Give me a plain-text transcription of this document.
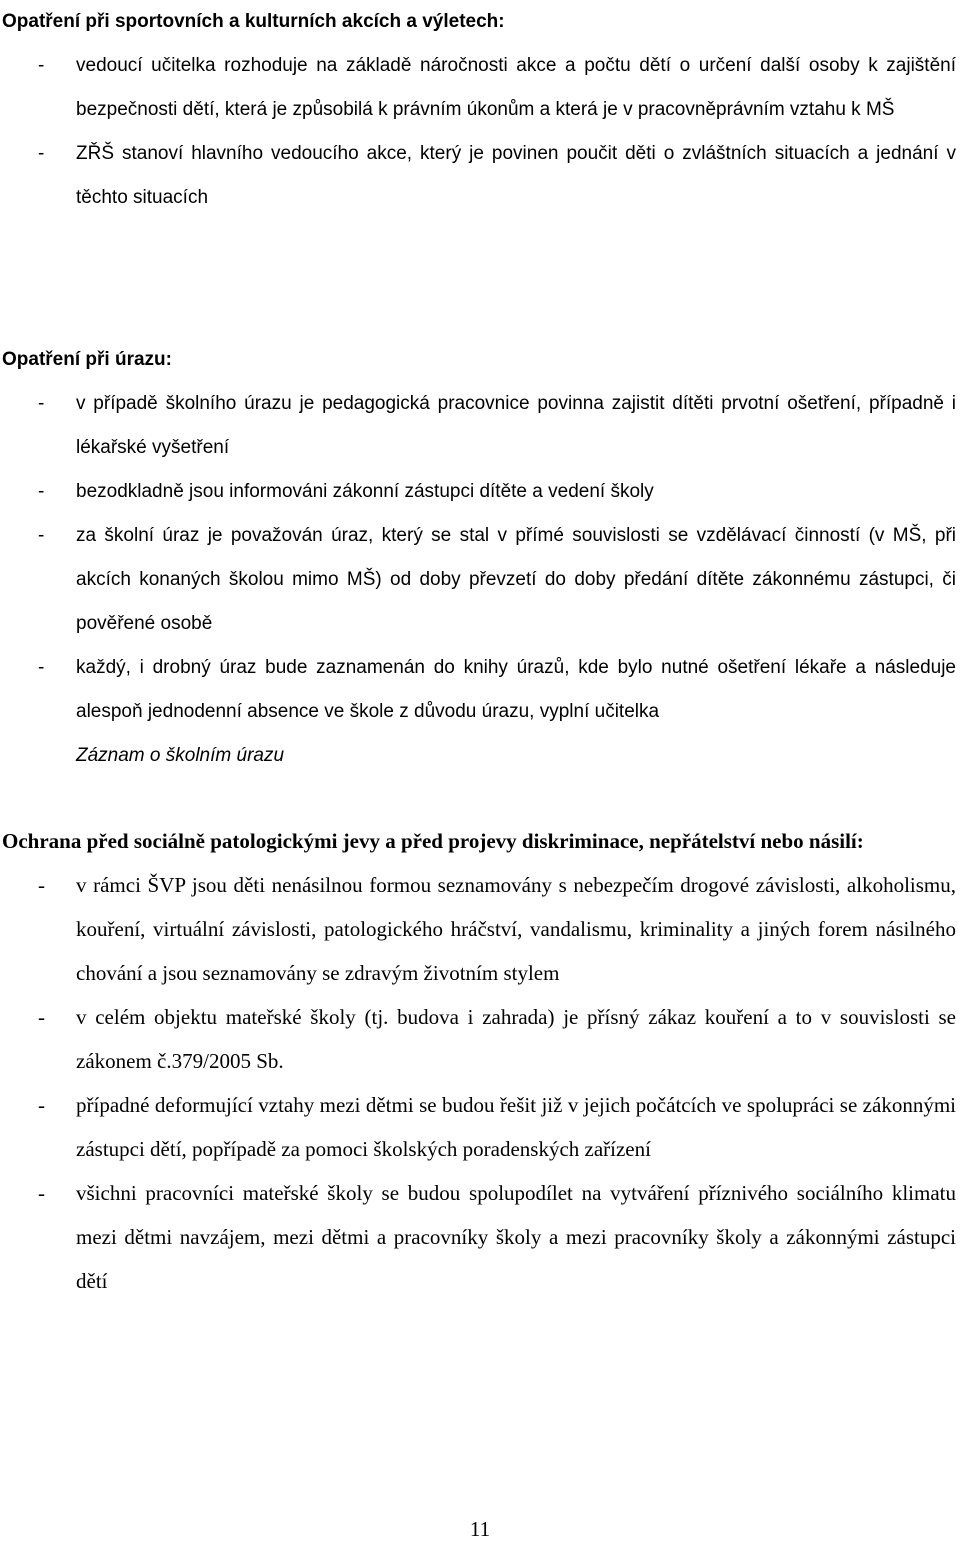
Opatření při sportovních a kulturních akcích a výletech:
- vedoucí učitelka rozhoduje na základě náročnosti akce a počtu dětí o určení další osoby k zajištění bezpečnosti dětí, která je způsobilá k právním úkonům a která je v pracovněprávním vztahu k MŠ
- ZŘŠ stanoví hlavního vedoucího akce, který je povinen poučit děti o zvláštních situacích a jednání v těchto situacích
Opatření při úrazu:
- v případě školního úrazu je pedagogická pracovnice povinna zajistit dítěti prvotní ošetření, případně i lékařské vyšetření
- bezodkladně jsou informováni zákonní zástupci dítěte a vedení školy
- za školní úraz je považován úraz, který se stal v přímé souvislosti se vzdělávací činností (v MŠ, při akcích konaných školou mimo MŠ) od doby převzetí do doby předání dítěte zákonnému zástupci, či pověřené osobě
- každý, i drobný úraz bude zaznamenán do knihy úrazů, kde bylo nutné ošetření lékaře a následuje alespoň jednodenní absence ve škole z důvodu úrazu, vyplní učitelka
Záznam o školním úrazu
Ochrana před sociálně patologickými jevy a před projevy diskriminace, nepřátelství nebo násilí:
- v rámci ŠVP jsou děti nenásilnou formou seznamovány s nebezpečím drogové závislosti, alkoholismu, kouření, virtuální závislosti, patologického hráčství, vandalismu, kriminality a jiných forem násilného chování a jsou seznamovány se zdravým životním stylem
- v celém objektu mateřské školy (tj. budova i zahrada) je přísný zákaz kouření a to v souvislosti se zákonem č.379/2005 Sb.
- případné deformující vztahy mezi dětmi se budou řešit již v jejich počátcích ve spolupráci se zákonnými zástupci dětí, popřípadě za pomoci školských poradenských zařízení
- všichni pracovníci mateřské školy se budou spolupodílet na vytváření příznivého sociálního klimatu mezi dětmi navzájem, mezi dětmi a pracovníky školy a mezi pracovníky školy a zákonnými zástupci dětí
11
